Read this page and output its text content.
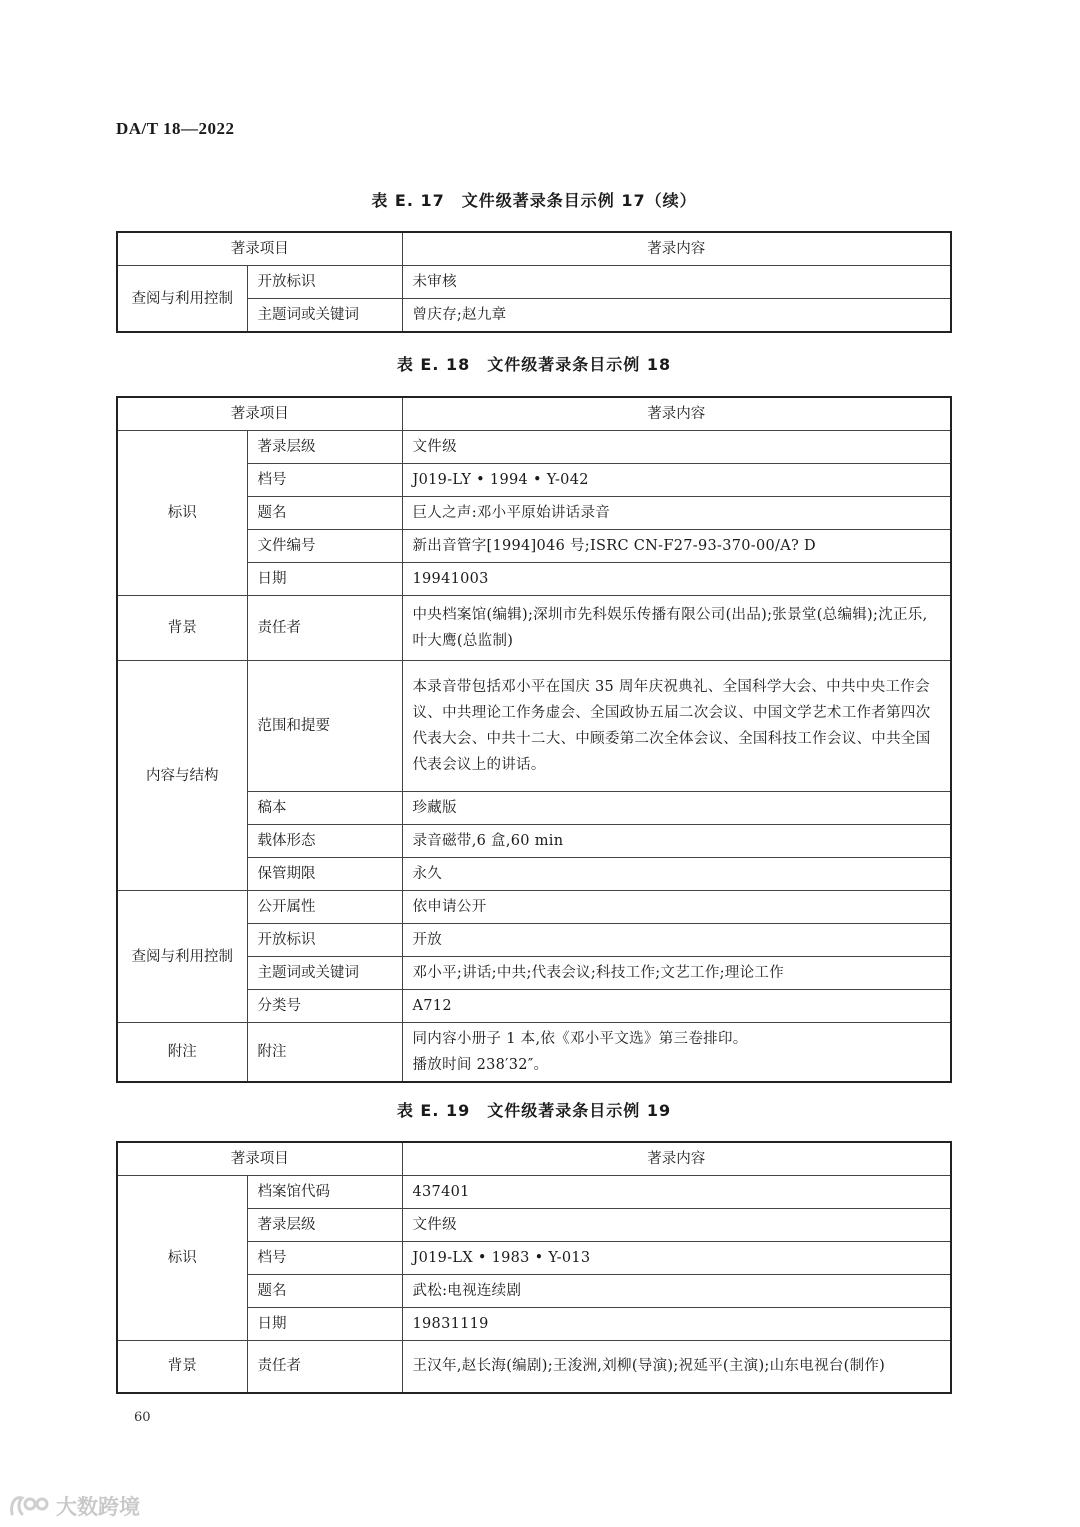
DA/T 18—2022
表 E. 17　文件级著录条目示例 17（续）
著录项目		著录内容
查阅与利用控制	开放标识	未审核
	主题词或关键词	曾庆存;赵九章
表 E. 18　文件级著录条目示例 18
著录项目		著录内容
标识	著录层级	文件级
	档号	J019-LY • 1994 • Y-042
	题名	巨人之声:邓小平原始讲话录音
	文件编号	新出音管字[1994]046 号;ISRC CN-F27-93-370-00/A? D
	日期	19941003
背景	责任者	中央档案馆(编辑);深圳市先科娱乐传播有限公司(出品);张景堂(总编辑);沈正乐,叶大鹰(总监制)
内容与结构	范围和提要	本录音带包括邓小平在国庆 35 周年庆祝典礼、全国科学大会、中共中央工作会议、中共理论工作务虚会、全国政协五届二次会议、中国文学艺术工作者第四次代表大会、中共十二大、中顾委第二次全体会议、全国科技工作会议、中共全国代表会议上的讲话。
	稿本	珍藏版
	载体形态	录音磁带,6 盒,60 min
	保管期限	永久
查阅与利用控制	公开属性	依申请公开
	开放标识	开放
	主题词或关键词	邓小平;讲话;中共;代表会议;科技工作;文艺工作;理论工作
	分类号	A712
附注	附注	同内容小册子 1 本,依《邓小平文选》第三卷排印。
播放时间 238′32″。
表 E. 19　文件级著录条目示例 19
著录项目		著录内容
标识	档案馆代码	437401
	著录层级	文件级
	档号	J019-LX • 1983 • Y-013
	题名	武松:电视连续剧
	日期	19831119
背景	责任者	王汉年,赵长海(编剧);王浚洲,刘柳(导演);祝延平(主演);山东电视台(制作)
60
大数跨境
